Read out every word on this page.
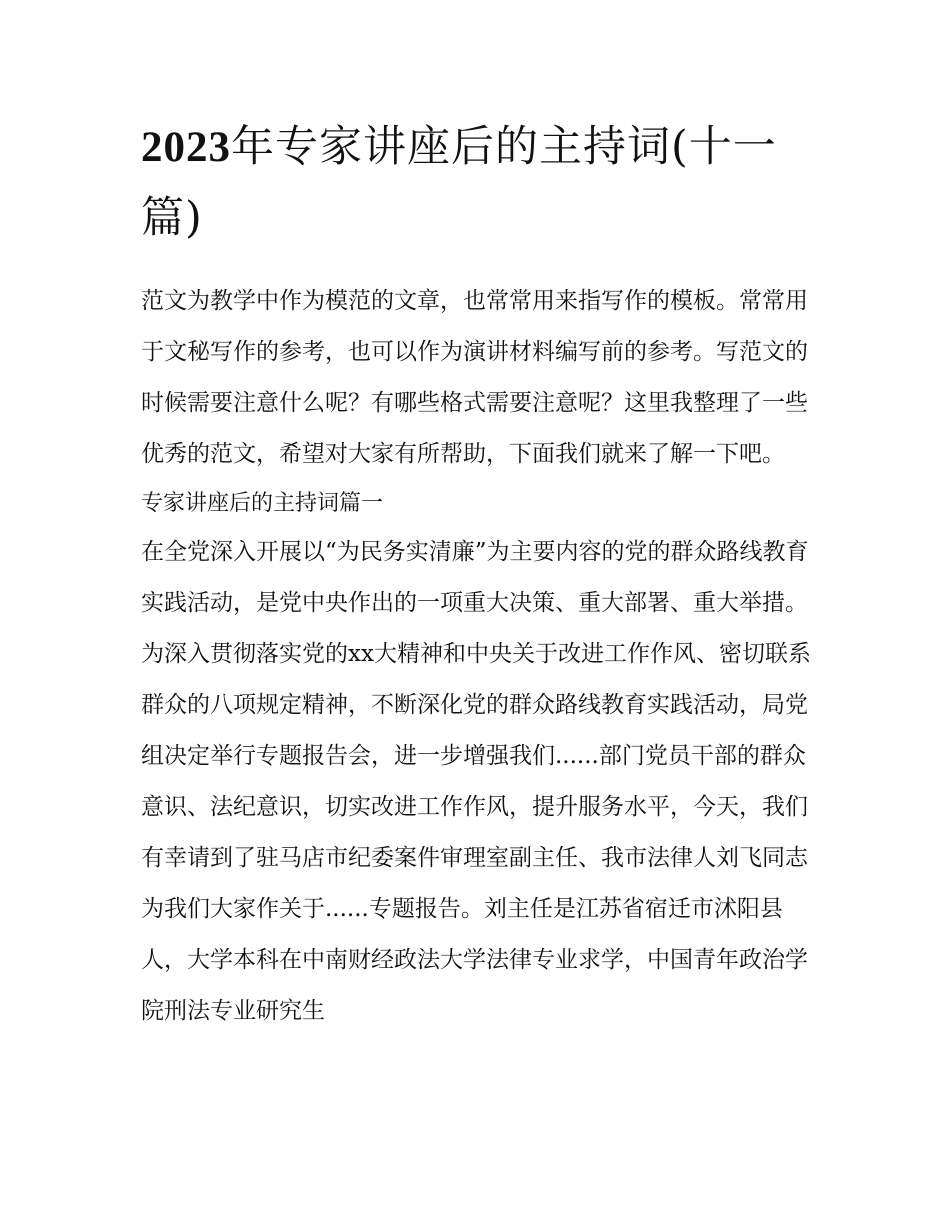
2023年专家讲座后的主持词(十一篇)

范文为教学中作为模范的文章，也常常用来指写作的模板。常常用于文秘写作的参考，也可以作为演讲材料编写前的参考。写范文的时候需要注意什么呢？有哪些格式需要注意呢？这里我整理了一些优秀的范文，希望对大家有所帮助，下面我们就来了解一下吧。

专家讲座后的主持词篇一

在全党深入开展以“为民务实清廉”为主要内容的党的群众路线教育实践活动，是党中央作出的一项重大决策、重大部署、重大举措。为深入贯彻落实党的xx大精神和中央关于改进工作作风、密切联系群众的八项规定精神，不断深化党的群众路线教育实践活动，局党组决定举行专题报告会，进一步增强我们......部门党员干部的群众意识、法纪意识，切实改进工作作风，提升服务水平，今天，我们有幸请到了驻马店市纪委案件审理室副主任、我市法律人刘飞同志为我们大家作关于......专题报告。刘主任是江苏省宿迁市沭阳县人，大学本科在中南财经政法大学法律专业求学，中国青年政治学院刑法专业研究生
